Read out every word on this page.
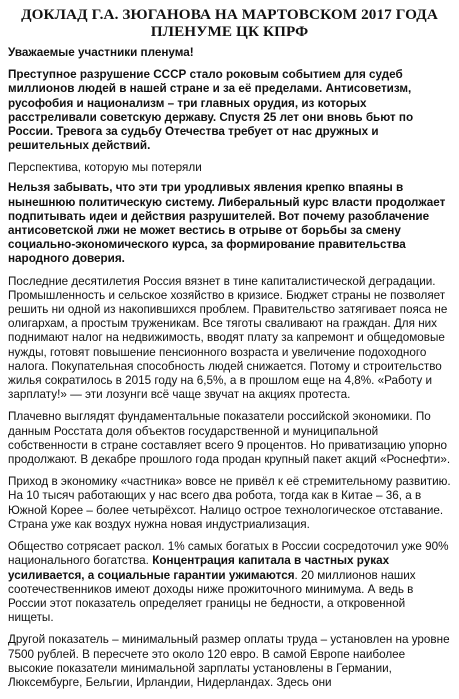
ДОКЛАД Г.А. ЗЮГАНОВА НА МАРТОВСКОМ 2017 ГОДА
ПЛЕНУМЕ ЦК КПРФ
Уважаемые участники пленума!
Преступное разрушение СССР стало роковым событием для судеб миллионов людей в нашей стране и за её пределами. Антисоветизм, русофобия и национализм – три главных орудия, из которых расстреливали советскую державу. Спустя 25 лет они вновь бьют по России. Тревога за судьбу Отечества требует от нас дружных и решительных действий.
Перспектива, которую мы потеряли
Нельзя забывать, что эти три уродливых явления крепко впаяны в нынешнюю политическую систему. Либеральный курс власти продолжает подпитывать идеи и действия разрушителей. Вот почему разоблачение антисоветской лжи не может вестись в отрыве от борьбы за смену социально-экономического курса, за формирование правительства народного доверия.
Последние десятилетия Россия вязнет в тине капиталистической деградации. Промышленность и сельское хозяйство в кризисе. Бюджет страны не позволяет решить ни одной из накопившихся проблем. Правительство затягивает пояса не олигархам, а простым труженикам. Все тяготы сваливают на граждан. Для них поднимают налог на недвижимость, вводят плату за капремонт и общедомовые нужды, готовят повышение пенсионного возраста и увеличение подоходного налога. Покупательная способность людей снижается. Потому и строительство жилья сократилось в 2015 году на 6,5%, а в прошлом еще на 4,8%. «Работу и зарплату!» — эти лозунги всё чаще звучат на акциях протеста.
Плачевно выглядят фундаментальные показатели российской экономики. По данным Росстата доля объектов государственной и муниципальной собственности в стране составляет всего 9 процентов. Но приватизацию упорно продолжают. В декабре прошлого года продан крупный пакет акций «Роснефти».
Приход в экономику «частника» вовсе не привёл к её стремительному развитию. На 10 тысяч работающих у нас всего два робота, тогда как в Китае – 36, а в Южной Корее – более четырёхсот. Налицо острое технологическое отставание. Страна уже как воздух нужна новая индустриализация.
Общество сотрясает раскол. 1% самых богатых в России сосредоточил уже 90% национального богатства. Концентрация капитала в частных руках усиливается, а социальные гарантии ужимаются. 20 миллионов наших соотечественников имеют доходы ниже прожиточного минимума. А ведь в России этот показатель определяет границы не бедности, а откровенной нищеты.
Другой показатель – минимальный размер оплаты труда – установлен на уровне 7500 рублей. В пересчете это около 120 евро. В самой Европе наиболее высокие показатели минимальной зарплаты установлены в Германии, Люксембурге, Бельгии, Ирландии, Нидерландах. Здесь они
